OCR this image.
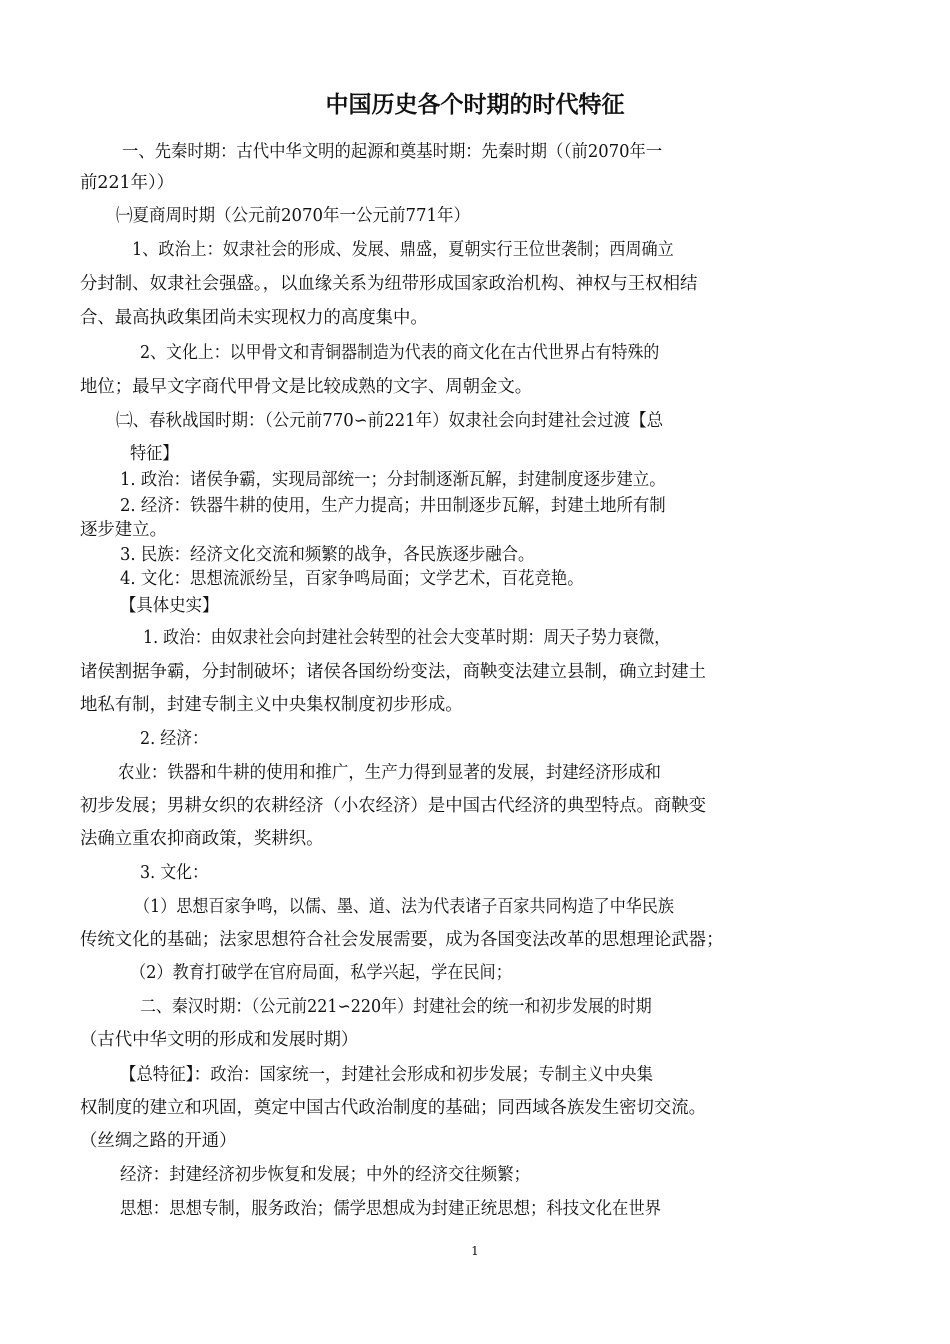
中国历史各个时期的时代特征
一、先秦时期：古代中华文明的起源和奠基时期：先秦时期（（前2070年一
前221年））
㈠夏商周时期（公元前2070年一公元前771年）
1、政治上：奴隶社会的形成、发展、鼎盛，夏朝实行王位世袭制；西周确立
分封制、奴隶社会强盛。，以血缘关系为纽带形成国家政治机构、神权与王权相结
合、最高执政集团尚未实现权力的高度集中。
2、文化上：以甲骨文和青铜器制造为代表的商文化在古代世界占有特殊的
地位；最早文字商代甲骨文是比较成熟的文字、周朝金文。
㈡、春秋战国时期：（公元前770∽前221年）奴隶社会向封建社会过渡【总
特征】
1. 政治：诸侯争霸，实现局部统一；分封制逐渐瓦解，封建制度逐步建立。
2. 经济：铁器牛耕的使用，生产力提高；井田制逐步瓦解，封建土地所有制
逐步建立。
3. 民族：经济文化交流和频繁的战争，各民族逐步融合。
4. 文化：思想流派纷呈，百家争鸣局面；文学艺术，百花竞艳。
【具体史实】
1. 政治：由奴隶社会向封建社会转型的社会大变革时期：周天子势力衰微，
诸侯割据争霸，分封制破坏；诸侯各国纷纷变法，商鞅变法建立县制，确立封建土
地私有制，封建专制主义中央集权制度初步形成。
2. 经济：
农业：铁器和牛耕的使用和推广，生产力得到显著的发展，封建经济形成和
初步发展；男耕女织的农耕经济（小农经济）是中国古代经济的典型特点。商鞅变
法确立重农抑商政策，奖耕织。
3. 文化：
（1）思想百家争鸣，以儒、墨、道、法为代表诸子百家共同构造了中华民族
传统文化的基础；法家思想符合社会发展需要，成为各国变法改革的思想理论武器；
（2）教育打破学在官府局面，私学兴起，学在民间；
二、秦汉时期：（公元前221∽220年）封建社会的统一和初步发展的时期
（古代中华文明的形成和发展时期）
【总特征】：政治：国家统一，封建社会形成和初步发展；专制主义中央集
权制度的建立和巩固，奠定中国古代政治制度的基础；同西域各族发生密切交流。
（丝绸之路的开通）
经济：封建经济初步恢复和发展；中外的经济交往频繁；
思想：思想专制，服务政治；儒学思想成为封建正统思想；科技文化在世界
1
